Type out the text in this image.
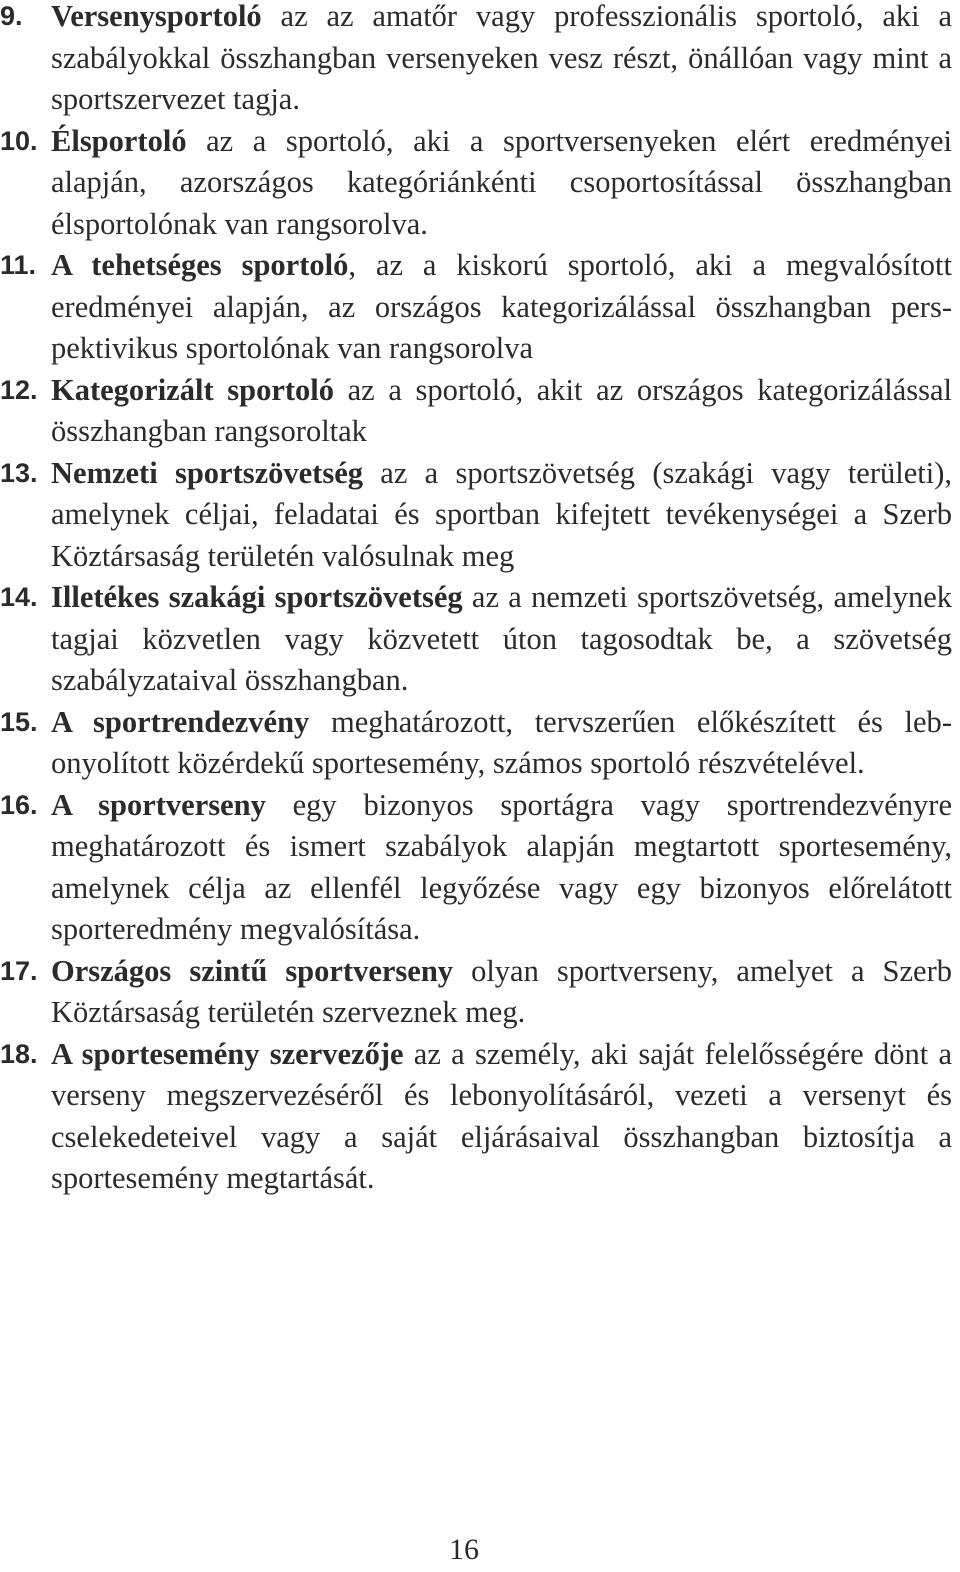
9. Versenysportoló az az amatőr vagy professzionális sportoló, aki a szabályokkal összhangban versenyeken vesz részt, önállóan vagy mint a sportszervezet tagja.
10. Élsportoló az a sportoló, aki a sportversenyeken elért eredményei alapján, azországos kategóriánkénti csoportosítással összhangban élsportolónak van rangsorolva.
11. A tehetséges sportoló, az a kiskorú sportoló, aki a megvalósított eredményei alapján, az országos kategorizálással összhangban perspektivikus sportolónak van rangsorolva
12. Kategorizált sportoló az a sportoló, akit az országos kategorizálással összhangban rangsoroltak
13. Nemzeti sportszövetség az a sportszövetség (szakági vagy területi), amelynek céljai, feladatai és sportban kifejtett tevékenységei a Szerb Köztársaság területén valósulnak meg
14. Illetékes szakági sportszövetség az a nemzeti sportszövetség, amelynek tagjai közvetlen vagy közvetett úton tagosodtak be, a szövetség szabályzataival összhangban.
15. A sportrendezvény meghatározott, tervszerűen előkészített és lebonyolított közérdekű sportesemény, számos sportoló részvételével.
16. A sportverseny egy bizonyos sportágra vagy sportrendezvényre meghatározott és ismert szabályok alapján megtartott sportesemény, amelynek célja az ellenfél legyőzése vagy egy bizonyos előrelátott sporteredmény megvalósítása.
17. Országos szintű sportverseny olyan sportverseny, amelyet a Szerb Köztársaság területén szerveznek meg.
18. A sportesemény szervezője az a személy, aki saját felelősségére dönt a verseny megszervezéséről és lebonyolításáról, vezeti a versenyt és cselekedeteivel vagy a saját eljárásaival összhangban biztosítja a sportesemény megtartását.
16
